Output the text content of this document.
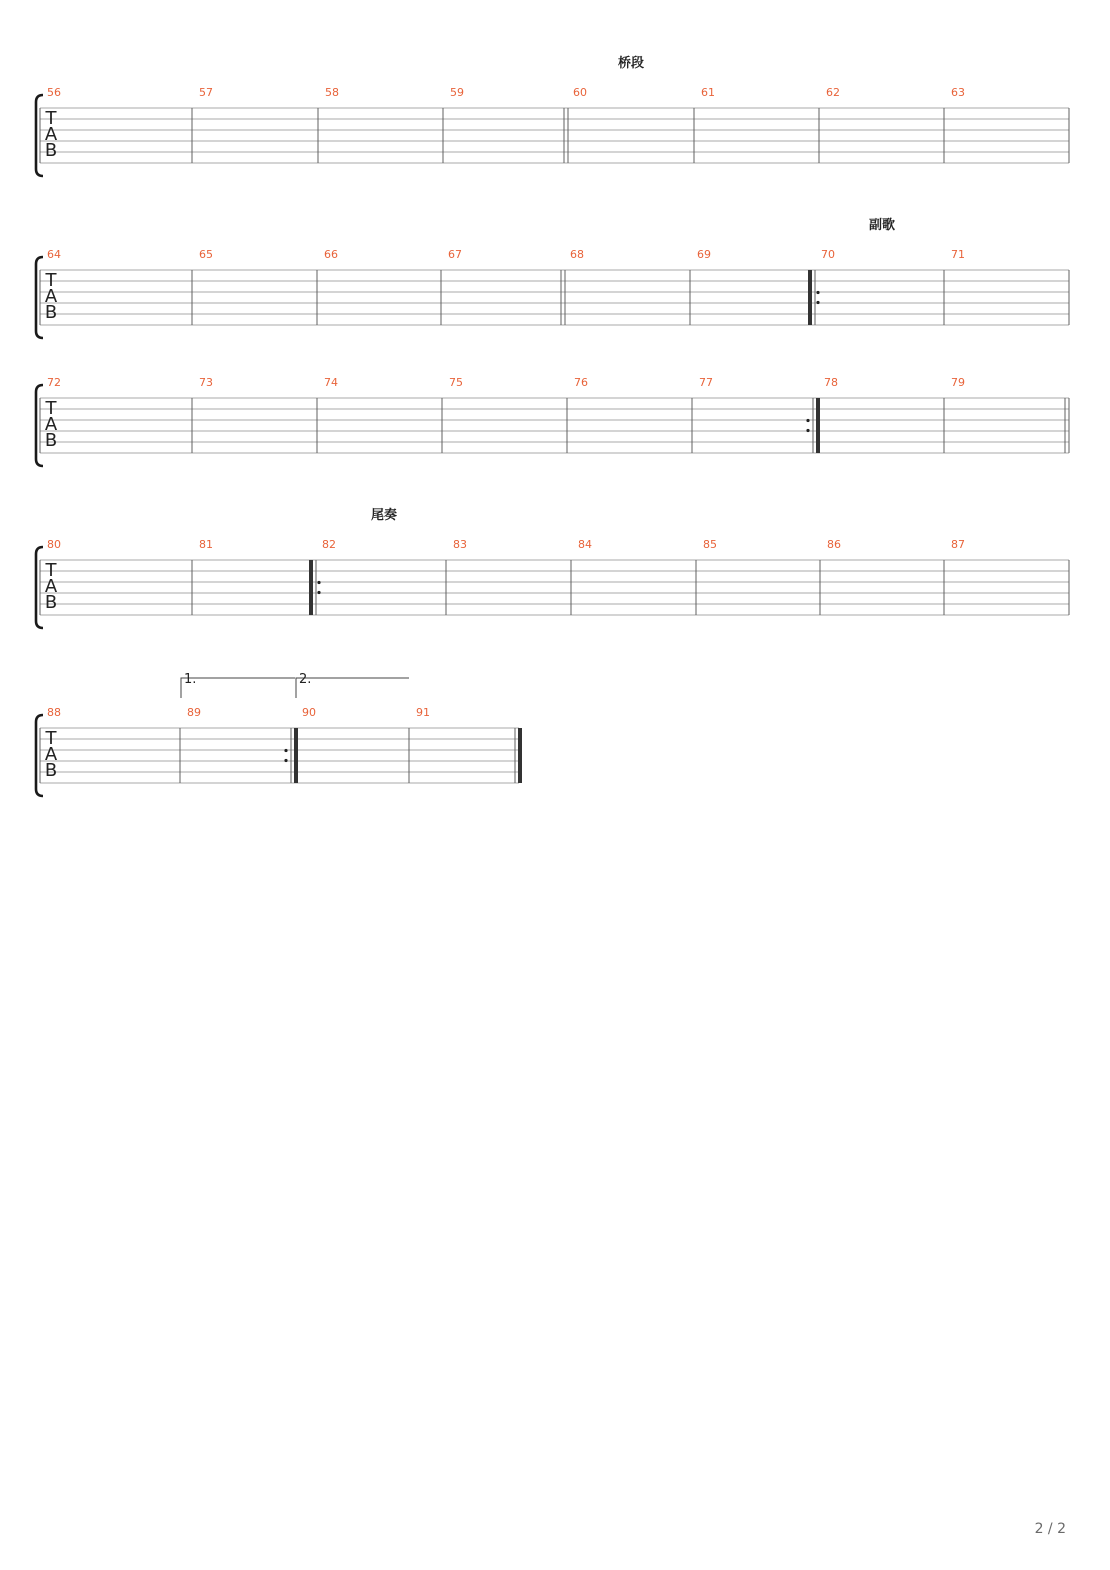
桥段
T
A
B
56	57	58	59	60	61	62	63
副歌
T
A
B
64	65	66	67	68	69	70	71
T
A
B
72	73	74	75	76	77	78	79
尾奏
T
A
B
80	81	82	83	84	85	86	87
T
A
B
88	89
1.
90
2.
91
2 / 2
